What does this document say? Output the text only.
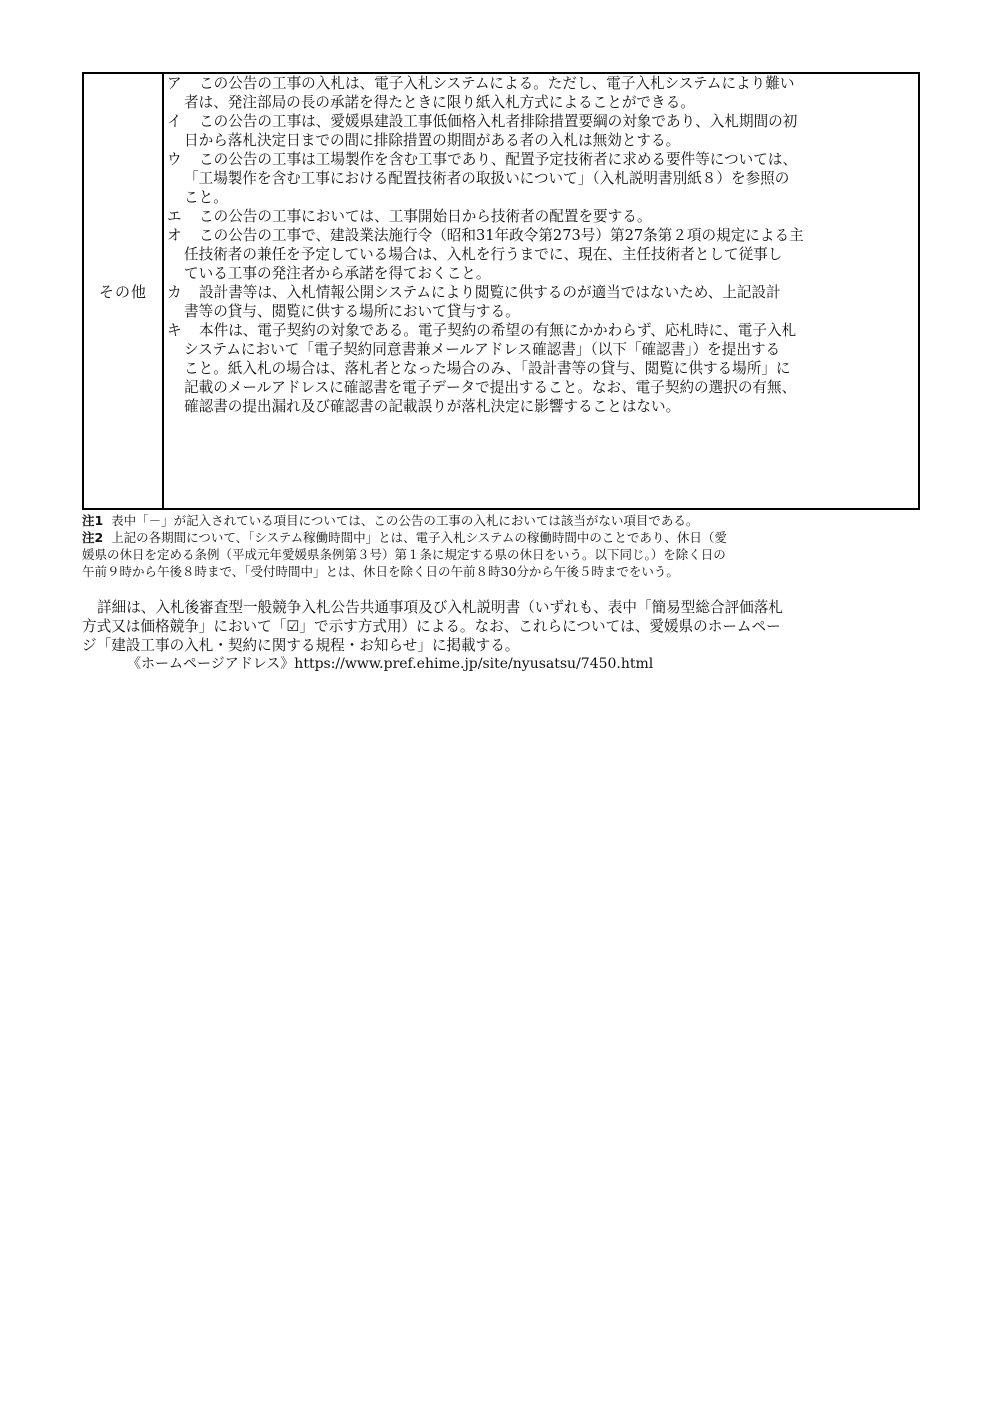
その他	
ア この公告の工事の入札は、電子入札システムによる。ただし、電子入札システムにより難い
者は、発注部局の長の承諾を得たときに限り紙入札方式によることができる。
イ この公告の工事は、愛媛県建設工事低価格入札者排除措置要綱の対象であり、入札期間の初
日から落札決定日までの間に排除措置の期間がある者の入札は無効とする。
ウ この公告の工事は工場製作を含む工事であり、配置予定技術者に求める要件等については、
「工場製作を含む工事における配置技術者の取扱いについて」（入札説明書別紙８）を参照の
こと。
エ この公告の工事においては、工事開始日から技術者の配置を要する。
オ この公告の工事で、建設業法施行令（昭和31年政令第273号）第27条第２項の規定による主
任技術者の兼任を予定している場合は、入札を行うまでに、現在、主任技術者として従事し
ている工事の発注者から承諾を得ておくこと。
カ 設計書等は、入札情報公開システムにより閲覧に供するのが適当ではないため、上記設計
書等の貸与、閲覧に供する場所において貸与する。
キ 本件は、電子契約の対象である。電子契約の希望の有無にかかわらず、応札時に、電子入札
システムにおいて「電子契約同意書兼メールアドレス確認書」（以下「確認書」）を提出する
こと。紙入札の場合は、落札者となった場合のみ、「設計書等の貸与、閲覧に供する場所」に
記載のメールアドレスに確認書を電子データで提出すること。なお、電子契約の選択の有無、
確認書の提出漏れ及び確認書の記載誤りが落札決定に影響することはない。
注1 表中「－」が記入されている項目については、この公告の工事の入札においては該当がない項目である。
注2 上記の各期間について、「システム稼働時間中」とは、電子入札システムの稼働時間中のことであり、休日（愛
媛県の休日を定める条例（平成元年愛媛県条例第３号）第１条に規定する県の休日をいう。以下同じ。）を除く日の
午前９時から午後８時まで、「受付時間中」とは、休日を除く日の午前８時30分から午後５時までをいう。

詳細は、入札後審査型一般競争入札公告共通事項及び入札説明書（いずれも、表中「簡易型総合評価落札

方式又は価格競争」において「☑」で示す方式用）による。なお、これらについては、愛媛県のホームペー

ジ「建設工事の入札・契約に関する規程・お知らせ」に掲載する。

《ホームページアドレス》https://www.pref.ehime.jp/site/nyusatsu/7450.html
